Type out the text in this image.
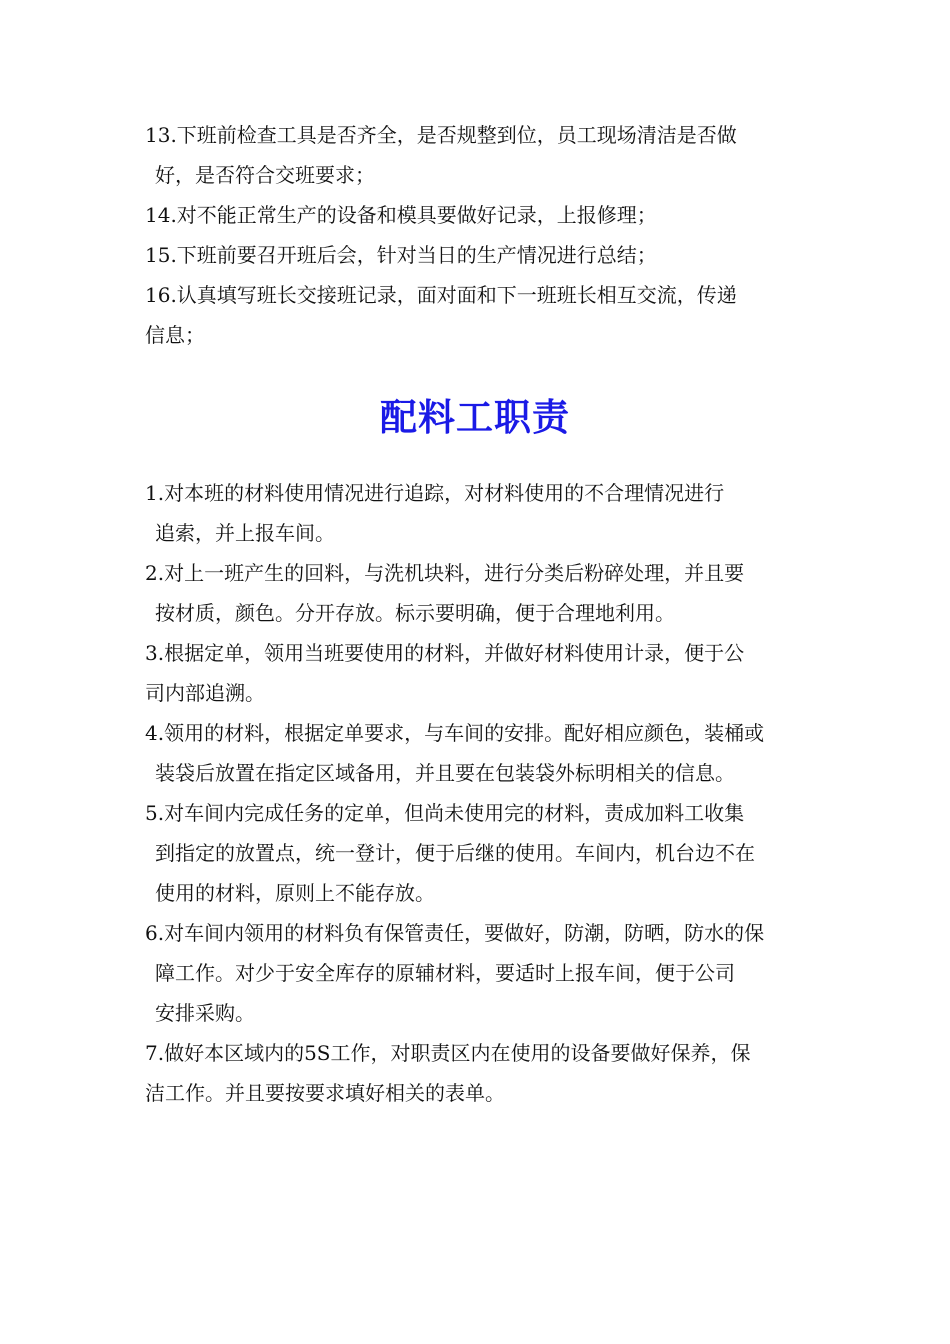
13.下班前检查工具是否齐全，是否规整到位，员工现场清洁是否做
好，是否符合交班要求；

14.对不能正常生产的设备和模具要做好记录，上报修理；

15.下班前要召开班后会，针对当日的生产情况进行总结；

16.认真填写班长交接班记录，面对面和下一班班长相互交流，传递
信息；

配料工职责

1.对本班的材料使用情况进行追踪，对材料使用的不合理情况进行
追索，并上报车间。

2.对上一班产生的回料，与洗机块料，进行分类后粉碎处理，并且要
按材质，颜色。分开存放。标示要明确，便于合理地利用。

3.根据定单，领用当班要使用的材料，并做好材料使用计录，便于公
司内部追溯。

4.领用的材料，根据定单要求，与车间的安排。配好相应颜色，装桶或
装袋后放置在指定区域备用，并且要在包装袋外标明相关的信息。

5.对车间内完成任务的定单，但尚未使用完的材料，责成加料工收集
到指定的放置点，统一登计，便于后继的使用。车间内，机台边不在
使用的材料，原则上不能存放。

6.对车间内领用的材料负有保管责任，要做好，防潮，防晒，防水的保
障工作。对少于安全库存的原辅材料，要适时上报车间，便于公司
安排采购。

7.做好本区域内的5S工作，对职责区内在使用的设备要做好保养，保
洁工作。并且要按要求填好相关的表单。
